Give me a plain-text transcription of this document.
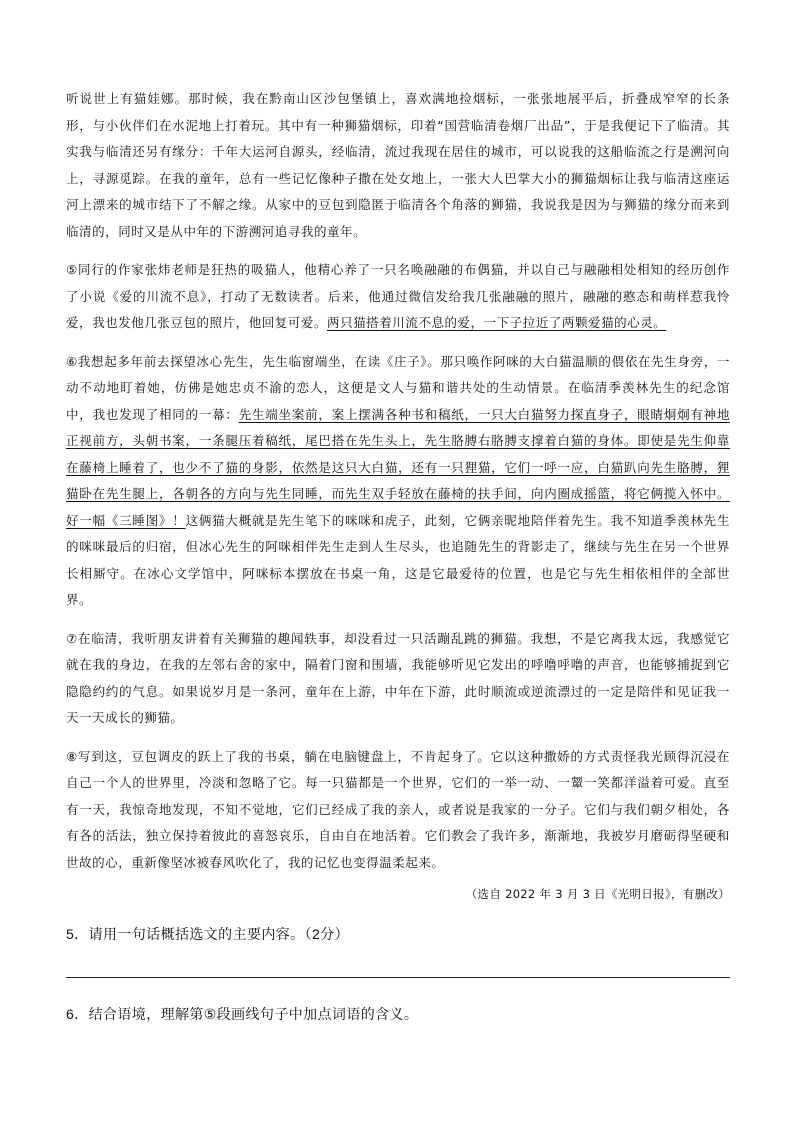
听说世上有猫娃娜。那时候，我在黔南山区沙包堡镇上，喜欢满地捡烟标，一张张地展平后，折叠成窄窄的长条形，与小伙伴们在水泥地上打着玩。其中有一种狮猫烟标，印着“国营临清卷烟厂出品”，于是我便记下了临清。其实我与临清还另有缘分：千年大运河自源头，经临清，流过我现在居住的城市，可以说我的这船临流之行是溯河向上，寻源觅踪。在我的童年，总有一些记忆像种子撒在处女地上，一张大人巴掌大小的狮猫烟标让我与临清这座运河上漂来的城市结下了不解之缘。从家中的豆包到隐匿于临清各个角落的狮猫，我说我是因为与狮猫的缘分而来到临清的，同时又是从中年的下游溯河追寻我的童年。

⑤同行的作家张炜老师是狂热的吸猫人，他精心养了一只名唤融融的布偶猫，并以自己与融融相处相知的经历创作了小说《爱的川流不息》，打动了无数读者。后来，他通过微信发给我几张融融的照片，融融的憨态和萌样惹我怜爱，我也发他几张豆包的照片，他回复可爱。两只猫搭着川流不息的爱，一下子拉近了两颗爱猫的心灵。

⑥我想起多年前去探望冰心先生，先生临窗端坐，在读《庄子》。那只唤作阿咪的大白猫温顺的偎依在先生身旁，一动不动地盯着她，仿佛是她忠贞不渝的恋人，这便是文人与猫和谐共处的生动情景。在临清季羡林先生的纪念馆中，我也发现了相同的一幕：先生端坐案前，案上摆满各种书和稿纸，一只大白猫努力探直身子，眼睛炯炯有神地正视前方，头朝书案，一条腿压着稿纸，尾巴搭在先生头上，先生胳膊右胳膊支撑着白猫的身体。即使是先生仰靠在藤椅上睡着了，也少不了猫的身影，依然是这只大白猫，还有一只狸猫，它们一呼一应，白猫趴向先生胳膊，狸猫卧在先生腿上，各朝各的方向与先生同睡，而先生双手轻放在藤椅的扶手间，向内圈成摇篮，将它俩揽入怀中。好一幅《三睡图》！这俩猫大概就是先生笔下的咪咪和虎子，此刻，它俩亲昵地陪伴着先生。我不知道季羡林先生的咪咪最后的归宿，但冰心先生的阿咪相伴先生走到人生尽头，也追随先生的背影走了，继续与先生在另一个世界长相厮守。在冰心文学馆中，阿咪标本摆放在书桌一角，这是它最爱待的位置，也是它与先生相依相伴的全部世界。

⑦在临清，我听朋友讲着有关狮猫的趣闻轶事，却没看过一只活蹦乱跳的狮猫。我想，不是它离我太远，我感觉它就在我的身边，在我的左邻右舍的家中，隔着门窗和围墙，我能够听见它发出的呼噜呼噜的声音，也能够捕捉到它隐隐约约的气息。如果说岁月是一条河，童年在上游，中年在下游，此时顺流或逆流漂过的一定是陪伴和见证我一天一天成长的狮猫。

⑧写到这，豆包调皮的跃上了我的书桌，躺在电脑键盘上，不肯起身了。它以这种撒娇的方式责怪我光顾得沉浸在自己一个人的世界里，冷淡和忽略了它。每一只猫都是一个世界，它们的一举一动、一颦一笑都洋溢着可爱。直至有一天，我惊奇地发现，不知不觉地，它们已经成了我的亲人，或者说是我家的一分子。它们与我们朝夕相处，各有各的活法，独立保持着彼此的喜怒哀乐，自由自在地活着。它们教会了我许多，渐渐地，我被岁月磨砺得坚硬和世故的心，重新像坚冰被春风吹化了，我的记忆也变得温柔起来。

（选自 2022 年 3 月 3 日《光明日报》，有删改）

5．请用一句话概括选文的主要内容。（2分）

6．结合语境，理解第⑤段画线句子中加点词语的含义。
